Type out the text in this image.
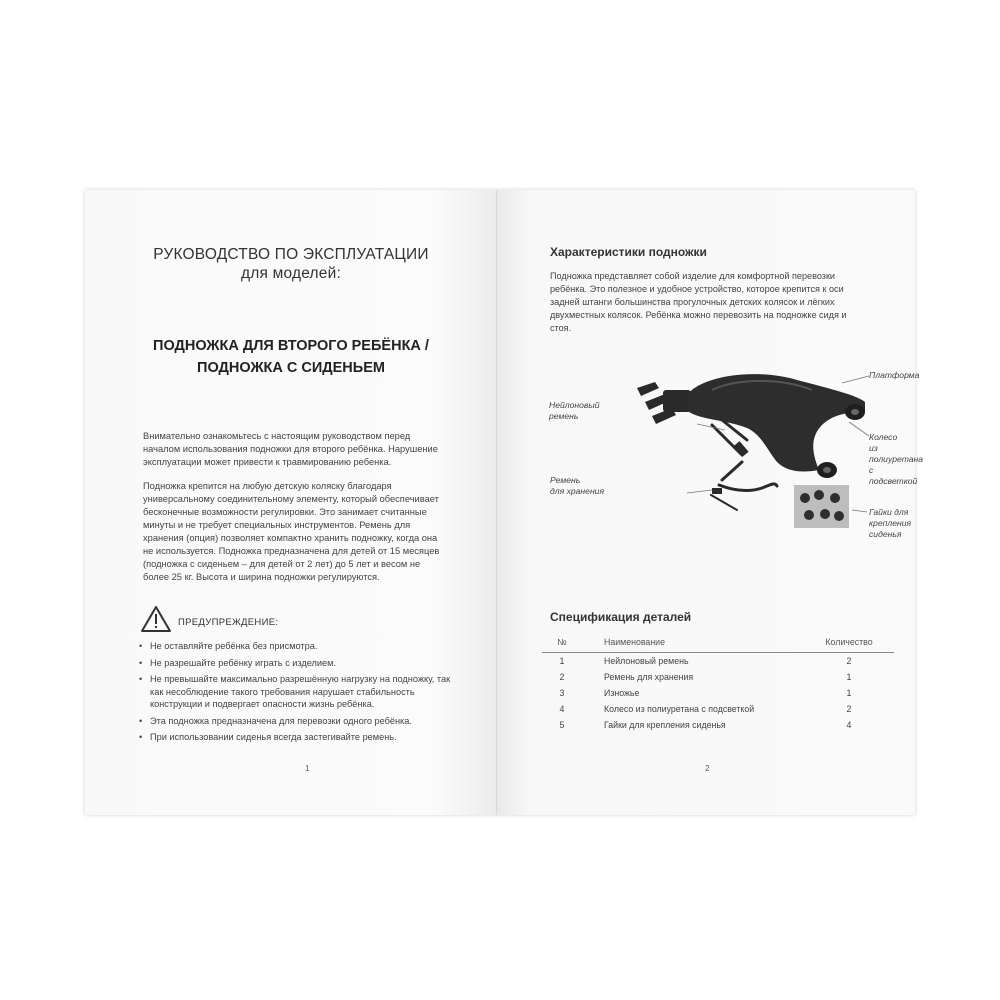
РУКОВОДСТВО ПО ЭКСПЛУАТАЦИИ
для моделей:
ПОДНОЖКА ДЛЯ ВТОРОГО РЕБЁНКА /
ПОДНОЖКА С СИДЕНЬЕМ

Внимательно ознакомьтесь с настоящим руководством перед началом использования подножки для второго ребёнка. Нарушение эксплуатации может привести к травмированию ребенка.

Подножка крепится на любую детскую коляску благодаря универсальному соединительному элементу, который обеспечивает бесконечные возможности регулировки. Это занимает считанные минуты и не требует специальных инструментов. Ремень для хранения (опция) позволяет компактно хранить подножку, когда она не используется. Подножка предназначена для детей от 15 месяцев (подножка с сиденьем – для детей от 2 лет) до 5 лет и весом не более 25 кг. Высота и ширина подножки регулируются.

ПРЕДУПРЕЖДЕНИЕ:
• Не оставляйте ребёнка без присмотра.
• Не разрешайте ребёнку играть с изделием.
• Не превышайте максимально разрешённую нагрузку на подножку, так как несоблюдение такого требования нарушает стабильность конструкции и подвергает опасности жизнь ребёнка.
• Эта подножка предназначена для перевозки одного ребёнка.
• При использовании сиденья всегда застегивайте ремень.
1
Характеристики подножки

Подножка представляет собой изделие для комфортной перевозки ребёнка. Это полезное и удобное устройство, которое крепится к оси задней штанги большинства прогулочных детских колясок и лёгких двухместных колясок. Ребёнка можно перевозить на подножке сидя и стоя.

Платформа
Нейлоновый
ремень
Колесо
из полиуретана
с подсветкой
Ремень
для хранения
Гайки для крепления
сиденья
Спецификация деталей
№	Наименование	Количество
1	Нейлоновый ремень	2
2	Ремень для хранения	1
3	Изножье	1
4	Колесо из полиуретана с подсветкой	2
5	Гайки для крепления сиденья	4
2
